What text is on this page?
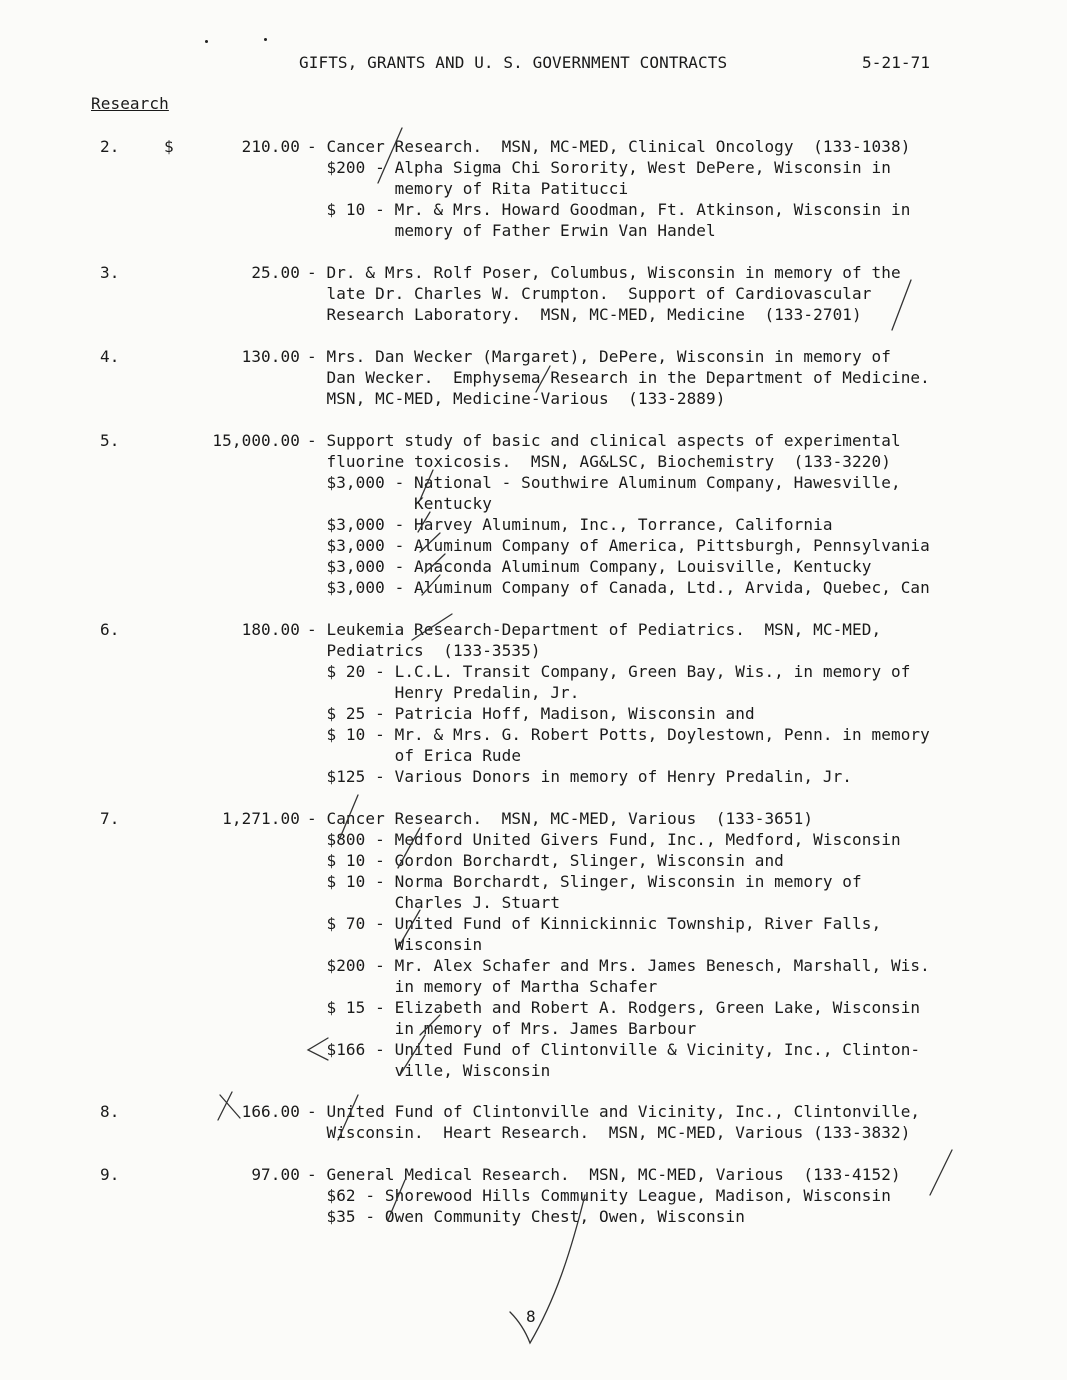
GIFTS, GRANTS AND U. S. GOVERNMENT CONTRACTS	5-21-71
Research
2.	$	210.00 - Cancer Research.  MSN, MC-MED, Clinical Oncology  (133-1038)
$200 - Alpha Sigma Chi Sorority, West DePere, Wisconsin in
memory of Rita Patitucci
$ 10 - Mr. & Mrs. Howard Goodman, Ft. Atkinson, Wisconsin in
memory of Father Erwin Van Handel
3.	25.00 - Dr. & Mrs. Rolf Poser, Columbus, Wisconsin in memory of the
late Dr. Charles W. Crumpton.  Support of Cardiovascular
Research Laboratory.  MSN, MC-MED, Medicine  (133-2701)
4.	130.00 - Mrs. Dan Wecker (Margaret), DePere, Wisconsin in memory of
Dan Wecker.  Emphysema Research in the Department of Medicine.
MSN, MC-MED, Medicine-Various  (133-2889)
5.	15,000.00 - Support study of basic and clinical aspects of experimental
fluorine toxicosis.  MSN, AG&LSC, Biochemistry  (133-3220)
$3,000 - National - Southwire Aluminum Company, Hawesville,
Kentucky
$3,000 - Harvey Aluminum, Inc., Torrance, California
$3,000 - Aluminum Company of America, Pittsburgh, Pennsylvania
$3,000 - Anaconda Aluminum Company, Louisville, Kentucky
$3,000 - Aluminum Company of Canada, Ltd., Arvida, Quebec, Can
6.	180.00 - Leukemia Research-Department of Pediatrics.  MSN, MC-MED,
Pediatrics  (133-3535)
$ 20 - L.C.L. Transit Company, Green Bay, Wis., in memory of
Henry Predalin, Jr.
$ 25 - Patricia Hoff, Madison, Wisconsin and
$ 10 - Mr. & Mrs. G. Robert Potts, Doylestown, Penn. in memory
of Erica Rude
$125 - Various Donors in memory of Henry Predalin, Jr.
7.	1,271.00 - Cancer Research.  MSN, MC-MED, Various  (133-3651)
$800 - Medford United Givers Fund, Inc., Medford, Wisconsin
$ 10 - Gordon Borchardt, Slinger, Wisconsin and
$ 10 - Norma Borchardt, Slinger, Wisconsin in memory of
Charles J. Stuart
$ 70 - United Fund of Kinnickinnic Township, River Falls,
Wisconsin
$200 - Mr. Alex Schafer and Mrs. James Benesch, Marshall, Wis.
in memory of Martha Schafer
$ 15 - Elizabeth and Robert A. Rodgers, Green Lake, Wisconsin
in memory of Mrs. James Barbour
$166 - United Fund of Clintonville & Vicinity, Inc., Clinton-
ville, Wisconsin
8.	166.00 - United Fund of Clintonville and Vicinity, Inc., Clintonville,
Wisconsin.  Heart Research.  MSN, MC-MED, Various (133-3832)
9.	97.00 - General Medical Research.  MSN, MC-MED, Various  (133-4152)
$62 - Shorewood Hills Community League, Madison, Wisconsin
$35 - Owen Community Chest, Owen, Wisconsin
8
